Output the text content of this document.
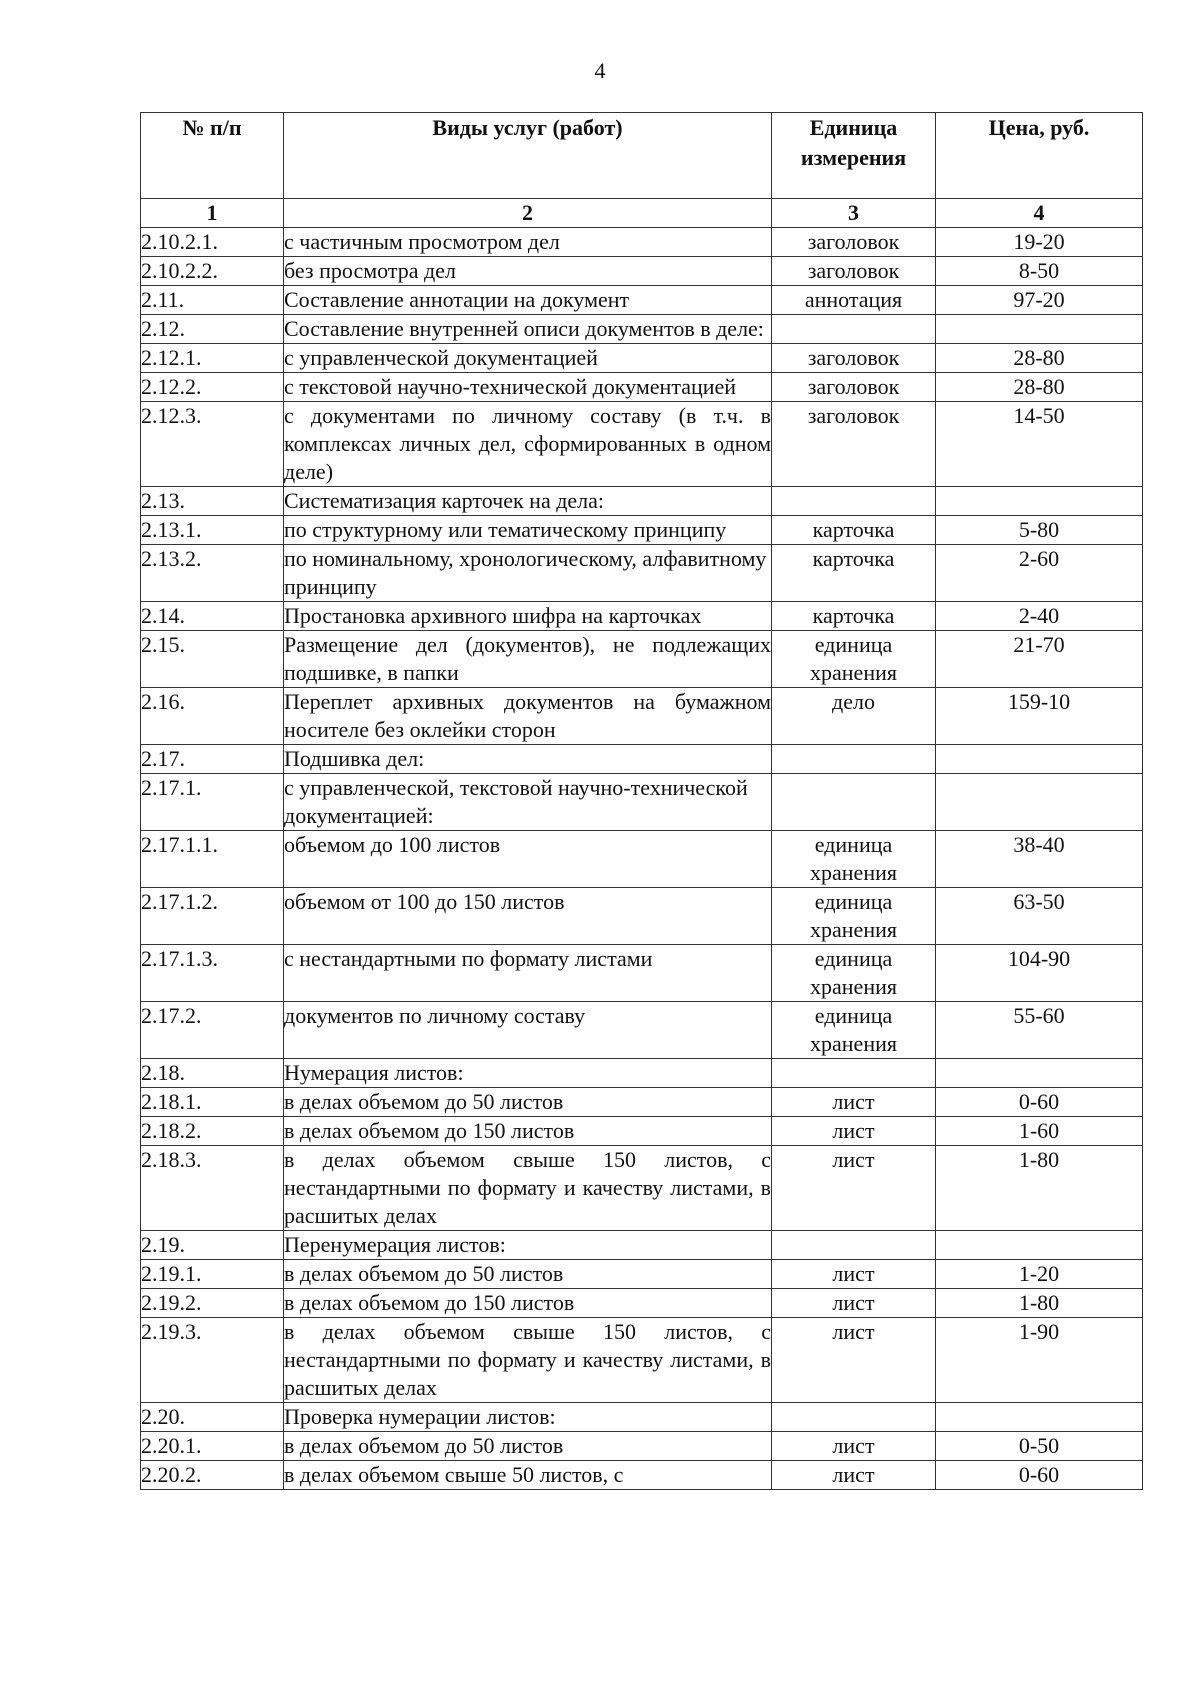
4
№ п/п	Виды услуг (работ)	Единица измерения	Цена, руб.
1	2	3	4
2.10.2.1.	с частичным просмотром дел	заголовок	19-20
2.10.2.2.	без просмотра дел	заголовок	8-50
2.11.	Составление аннотации на документ	аннотация	97-20
2.12.	Составление внутренней описи документов в деле:		
2.12.1.	с управленческой документацией	заголовок	28-80
2.12.2.	с текстовой научно-технической документацией	заголовок	28-80
2.12.3.	с документами по личному составу (в т.ч. в комплексах личных дел, сформированных в одном деле)	заголовок	14-50
2.13.	Систематизация карточек на дела:		
2.13.1.	по структурному или тематическому принципу	карточка	5-80
2.13.2.	по номинальному, хронологическому, алфавитному принципу	карточка	2-60
2.14.	Простановка архивного шифра на карточках	карточка	2-40
2.15.	Размещение дел (документов), не подлежащих подшивке, в папки	единица хранения	21-70
2.16.	Переплет архивных документов на бумажном носителе без оклейки сторон	дело	159-10
2.17.	Подшивка дел:		
2.17.1.	с управленческой, текстовой научно-технической документацией:		
2.17.1.1.	объемом до 100 листов	единица хранения	38-40
2.17.1.2.	объемом от 100 до 150 листов	единица хранения	63-50
2.17.1.3.	с нестандартными по формату листами	единица хранения	104-90
2.17.2.	документов по личному составу	единица хранения	55-60
2.18.	Нумерация листов:		
2.18.1.	в делах объемом до 50 листов	лист	0-60
2.18.2.	в делах объемом до 150 листов	лист	1-60
2.18.3.	в делах объемом свыше 150 листов, с нестандартными по формату и качеству листами, в расшитых делах	лист	1-80
2.19.	Перенумерация листов:		
2.19.1.	в делах объемом до 50 листов	лист	1-20
2.19.2.	в делах объемом до 150 листов	лист	1-80
2.19.3.	в делах объемом свыше 150 листов, с нестандартными по формату и качеству листами, в расшитых делах	лист	1-90
2.20.	Проверка нумерации листов:		
2.20.1.	в делах объемом до 50 листов	лист	0-50
2.20.2.	в делах объемом свыше 50 листов, с	лист	0-60
